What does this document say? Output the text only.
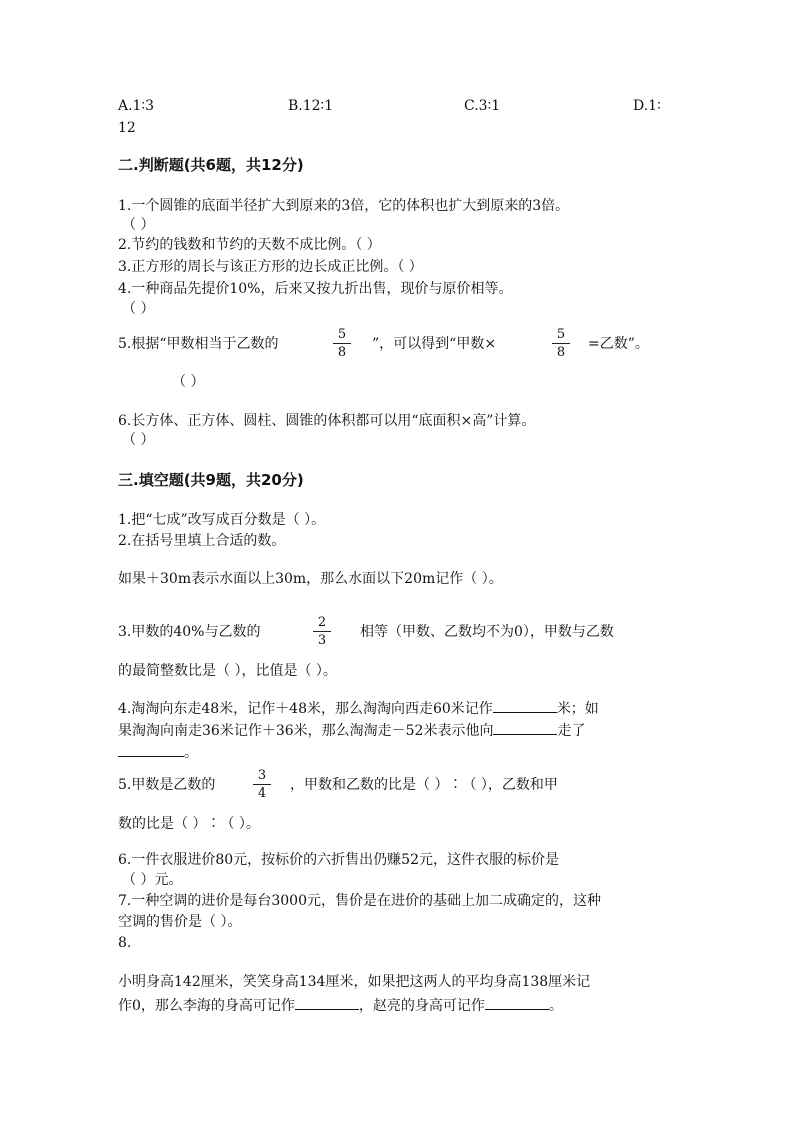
A.1∶3	B.12∶1	C.3∶1	D.1∶
12
二.判断题(共6题，共12分)
1.一个圆锥的底面半径扩大到原来的3倍，它的体积也扩大到原来的3倍。
（ ）
2.节约的钱数和节约的天数不成比例。（ ）
3.正方形的周长与该正方形的边长成正比例。（ ）
4.一种商品先提价10%，后来又按九折出售，现价与原价相等。
（ ）
5.根据“甲数相当于乙数的
5
8
”，可以得到“甲数×
5
8
=乙数”。
（ ）
6.长方体、正方体、圆柱、圆锥的体积都可以用“底面积×高”计算。
（ ）
三.填空题(共9题，共20分)
1.把“七成”改写成百分数是（ ）。
2.在括号里填上合适的数。
如果＋30m表示水面以上30m，那么水面以下20m记作（ ）。
3.甲数的40%与乙数的
2
3
相等（甲数、乙数均不为0），甲数与乙数
的最简整数比是（ ），比值是（ ）。
4.淘淘向东走48米，记作＋48米，那么淘淘向西走60米记作	米；如
果淘淘向南走36米记作＋36米，那么淘淘走－52米表示他向	走了
。
5.甲数是乙数的
3
4
，甲数和乙数的比是（ ）∶（ ），乙数和甲
数的比是（ ）∶（ ）。
6.一件衣服进价80元，按标价的六折售出仍赚52元，这件衣服的标价是
（ ）元。
7.一种空调的进价是每台3000元，售价是在进价的基础上加二成确定的，这种
空调的售价是（ ）。
8.
小明身高142厘米，笑笑身高134厘米，如果把这两人的平均身高138厘米记
作0，那么李海的身高可记作	，赵亮的身高可记作	。
